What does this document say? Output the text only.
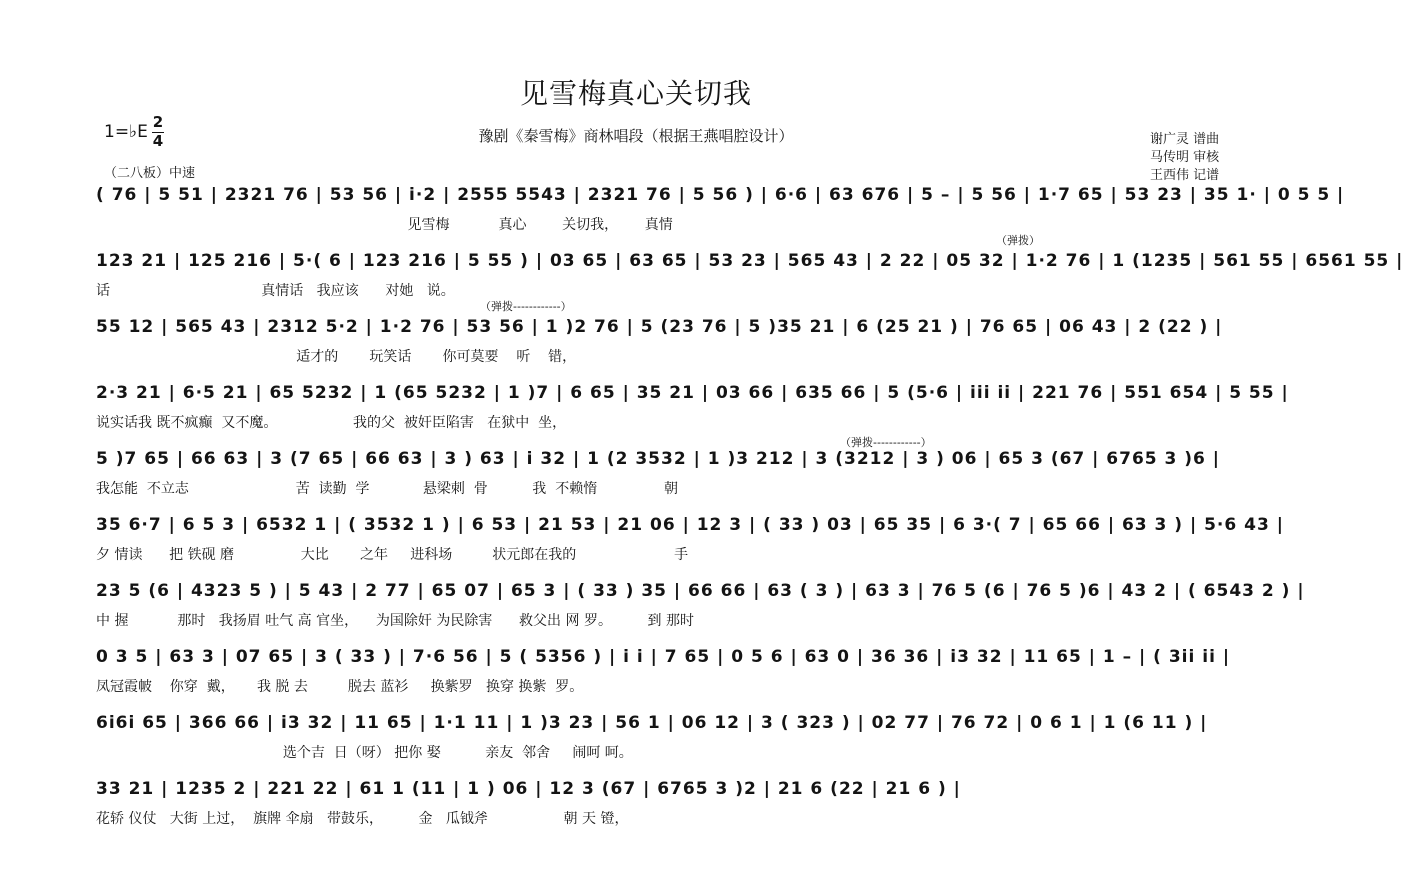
见雪梅真心关切我
豫剧《秦雪梅》商林唱段（根据王燕唱腔设计）
1=♭E 2
4	谢广灵 谱曲
马传明 审核
王西伟 记谱
（二八板）中速
( 76 | 5 51 | 2321 76 | 53 56 | i·2 | 2555 5543 | 2321 76 | 5 56 ) | 6·6 | 63 676 | 5 – | 5 56 | 1·7 65 | 53 23 | 35 1· | 0 5 5 |
见雪梅           真心        关切我，      真情
（弹拨）
123 21 | 125 216 | 5·( 6 | 123 216 | 5 55 ) | 03 65 | 63 65 | 53 23 | 565 43 | 2 22 | 05 32 | 1·2 76 | 1 (1235 | 561 55 | 6561 55 |
话                                  真情话   我应该      对她   说。
（弹拨------------）
55 12 | 565 43 | 2312 5·2 | 1·2 76 | 53 56 | 1 )2 76 | 5 (23 76 | 5 )35 21 | 6 (25 21 ) | 76 65 | 06 43 | 2 (22 ) |
适才的       玩笑话       你可莫要    听    错，
2·3 21 | 6·5 21 | 65 5232 | 1 (65 5232 | 1 )7 | 6 65 | 35 21 | 03 66 | 635 66 | 5 (5·6 | iii ii | 221 76 | 551 654 | 5 55 |
说实话我 既不疯癫  又不魔。                 我的父  被奸臣陷害   在狱中  坐，
（弹拨------------）
5 )7 65 | 66 63 | 3 (7 65 | 66 63 | 3 ) 63 | i 32 | 1 (2 3532 | 1 )3 212 | 3 (3212 | 3 ) 06 | 65 3 (67 | 6765 3 )6 |
我怎能  不立志                        苦  读勤  学            悬梁刺  骨          我  不赖惰               朝
35 6·7 | 6 5 3 | 6532 1 | ( 3532 1 ) | 6 53 | 21 53 | 21 06 | 12 3 | ( 33 ) 03 | 65 35 | 6 3·( 7 | 65 66 | 63 3 ) | 5·6 43 |
夕 情读      把 铁砚 磨               大比       之年     进科场         状元郎在我的                      手
23 5 (6 | 4323 5 ) | 5 43 | 2 77 | 65 07 | 65 3 | ( 33 ) 35 | 66 66 | 63 ( 3 ) | 63 3 | 76 5 (6 | 76 5 )6 | 43 2 | ( 6543 2 ) |
中 握           那时   我扬眉 吐气 高 官坐，    为国除奸 为民除害      救父出 网 罗。        到 那时
0 3 5 | 63 3 | 07 65 | 3 ( 33 ) | 7·6 56 | 5 ( 5356 ) | i i | 7 65 | 0 5 6 | 63 0 | 36 36 | i3 32 | 11 65 | 1 – | ( 3ii ii |
凤冠霞帔    你穿  戴，     我 脱 去         脱去 蓝衫     换紫罗   换穿 换紫  罗。
6i6i 65 | 366 66 | i3 32 | 11 65 | 1·1 11 | 1 )3 23 | 56 1 | 06 12 | 3 ( 323 ) | 02 77 | 76 72 | 0 6 1 | 1 (6 11 ) |
选个吉  日（呀） 把你 娶          亲友  邻舍     闹呵 呵。
33 21 | 1235 2 | 221 22 | 61 1 (11 | 1 ) 06 | 12 3 (67 | 6765 3 )2 | 21 6 (22 | 21 6 ) |
花轿 仪仗   大街 上过，  旗牌 伞扇   带鼓乐，        金   瓜钺斧                 朝 天 镫，
